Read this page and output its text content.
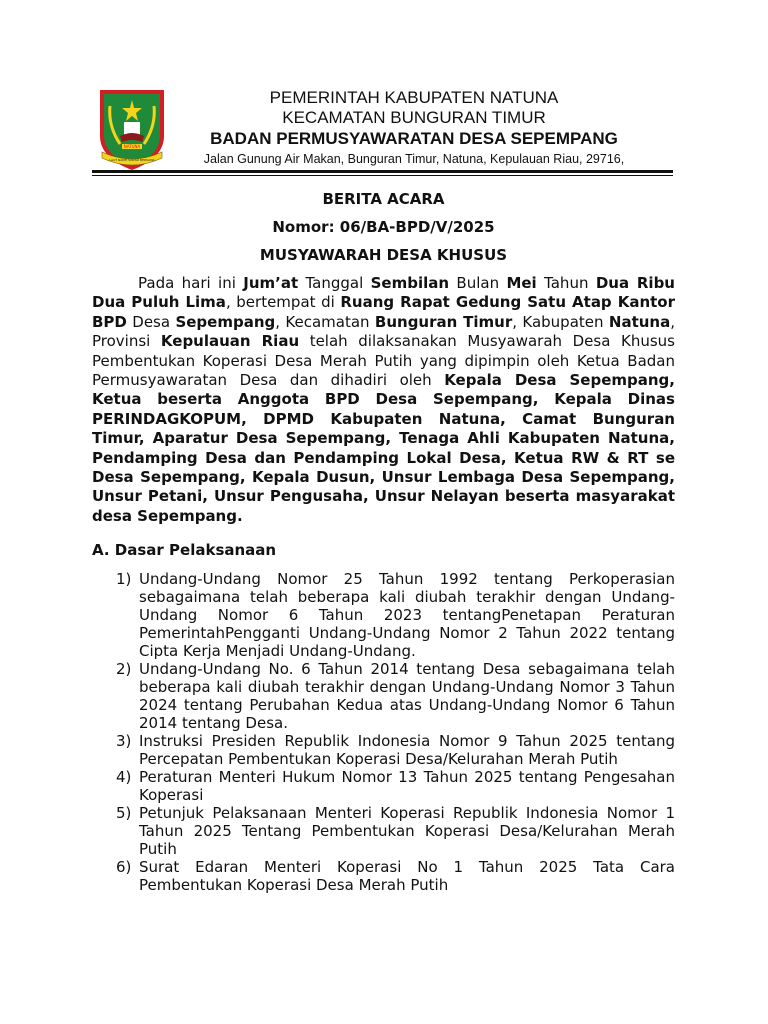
NATUNA
LAUT NANTI SANTAI BERSAMA
PEMERINTAH KABUPATEN NATUNA
KECAMATAN BUNGURAN TIMUR
BADAN PERMUSYAWARATAN DESA SEPEMPANG
Jalan Gunung Air Makan, Bunguran Timur, Natuna, Kepulauan Riau, 29716,
BERITA ACARA
Nomor: 06/BA-BPD/V/2025
MUSYAWARAH DESA KHUSUS
Pada hari ini Jum’at Tanggal Sembilan Bulan Mei Tahun Dua Ribu Dua Puluh Lima, bertempat di Ruang Rapat Gedung Satu Atap Kantor BPD Desa Sepempang, Kecamatan Bunguran Timur, Kabupaten Natuna, Provinsi Kepulauan Riau telah dilaksanakan Musyawarah Desa Khusus Pembentukan Koperasi Desa Merah Putih yang dipimpin oleh Ketua Badan Permusyawaratan Desa dan dihadiri oleh Kepala Desa Sepempang, Ketua beserta Anggota BPD Desa Sepempang, Kepala Dinas PERINDAGKOPUM, DPMD Kabupaten Natuna, Camat Bunguran Timur, Aparatur Desa Sepempang, Tenaga Ahli Kabupaten Natuna, Pendamping Desa dan Pendamping Lokal Desa, Ketua RW & RT se Desa Sepempang, Kepala Dusun, Unsur Lembaga Desa Sepempang, Unsur Petani, Unsur Pengusaha, Unsur Nelayan beserta masyarakat desa Sepempang.
A. Dasar Pelaksanaan
1) Undang-Undang Nomor 25 Tahun 1992 tentang Perkoperasian sebagaimana telah beberapa kali diubah terakhir dengan Undang-Undang Nomor 6 Tahun 2023 tentangPenetapan Peraturan PemerintahPengganti Undang-Undang Nomor 2 Tahun 2022 tentang Cipta Kerja Menjadi Undang-Undang.
2) Undang-Undang No. 6 Tahun 2014 tentang Desa sebagaimana telah beberapa kali diubah terakhir dengan Undang-Undang Nomor 3 Tahun 2024 tentang Perubahan Kedua atas Undang-Undang Nomor 6 Tahun 2014 tentang Desa.
3) Instruksi Presiden Republik Indonesia Nomor 9 Tahun 2025 tentang Percepatan Pembentukan Koperasi Desa/Kelurahan Merah Putih
4) Peraturan Menteri Hukum Nomor 13 Tahun 2025 tentang Pengesahan Koperasi
5) Petunjuk Pelaksanaan Menteri Koperasi Republik Indonesia Nomor 1 Tahun 2025 Tentang Pembentukan Koperasi Desa/Kelurahan Merah Putih
6) Surat Edaran Menteri Koperasi No 1 Tahun 2025 Tata Cara Pembentukan Koperasi Desa Merah Putih
